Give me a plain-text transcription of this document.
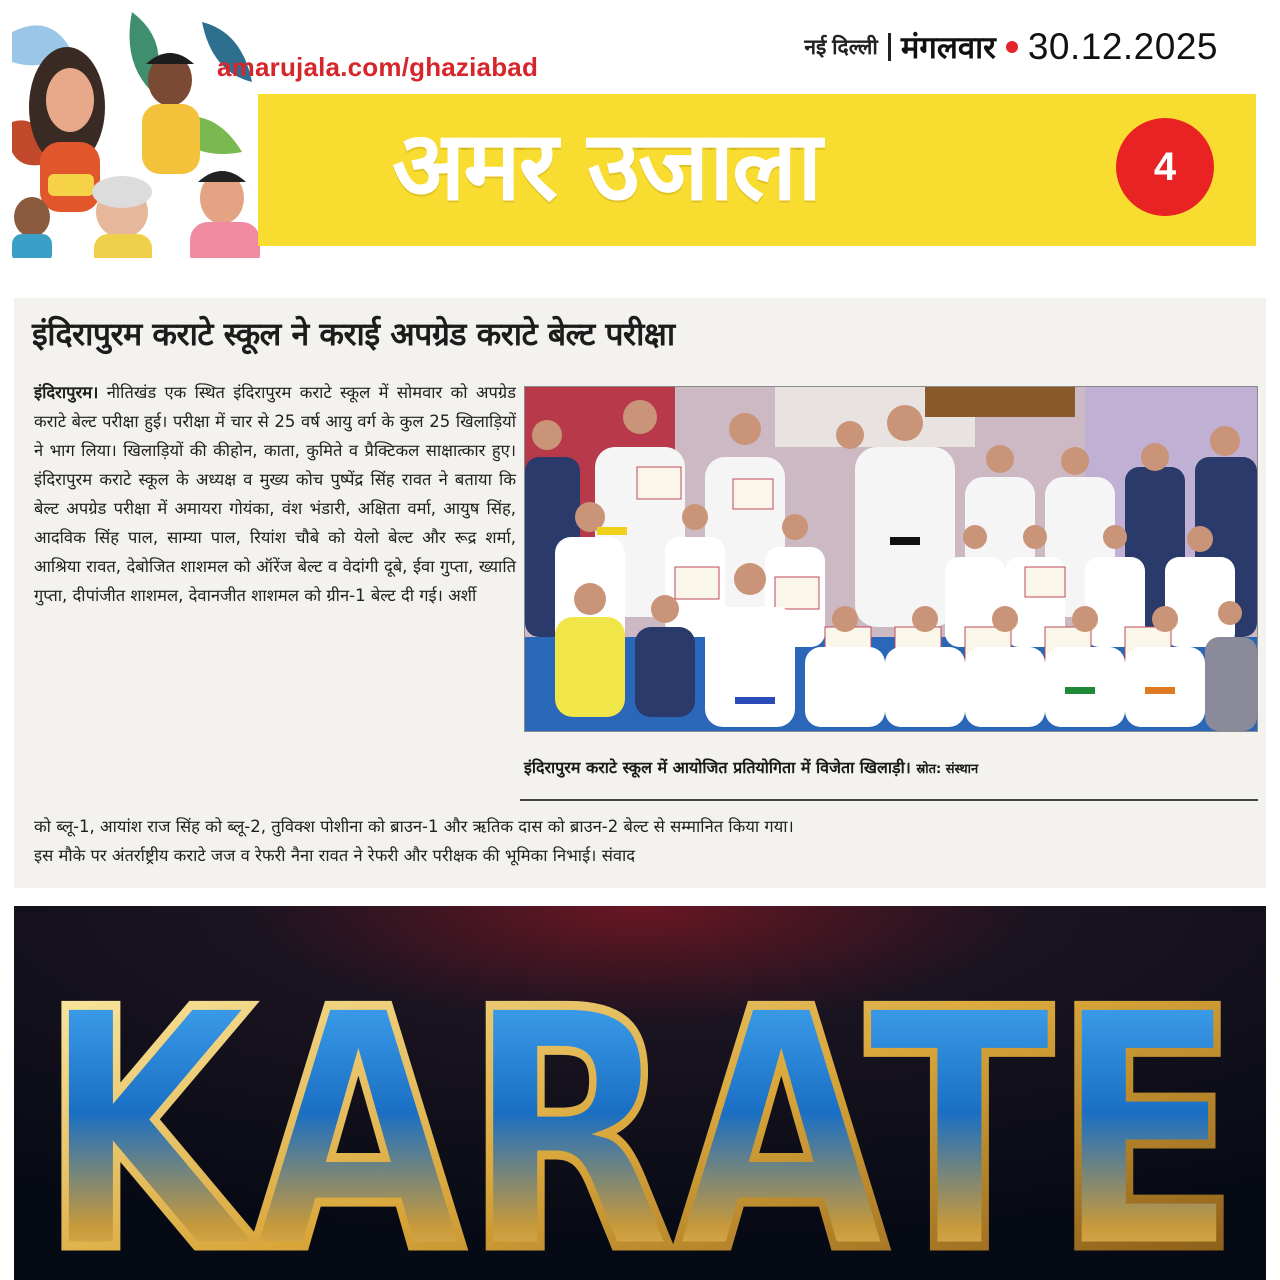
amarujala.com/ghaziabad
नई दिल्ली मंगलवार 30.12.2025
अमर उजाला	4
इंदिरापुरम कराटे स्कूल ने कराई अपग्रेड कराटे बेल्ट परीक्षा
इंदिरापुरम। नीतिखंड एक स्थित इंदिरापुरम कराटे स्कूल में सोमवार को अपग्रेड कराटे बेल्ट परीक्षा हुई। परीक्षा में चार से 25 वर्ष आयु वर्ग के कुल 25 खिलाड़ियों ने भाग लिया। खिलाड़ियों की कीहोन, काता, कुमिते व प्रैक्टिकल साक्षात्कार हुए। इंदिरापुरम कराटे स्कूल के अध्यक्ष व मुख्य कोच पुष्पेंद्र सिंह रावत ने बताया कि बेल्ट अपग्रेड परीक्षा में अमायरा गोयंका, वंश भंडारी, अक्षिता वर्मा, आयुष सिंह, आदविक सिंह पाल, साम्या पाल, रियांश चौबे को येलो बेल्ट और रूद्र शर्मा, आश्रिया रावत, देबोजित शाशमल को ऑरेंज बेल्ट व वेदांगी दूबे, ईवा गुप्ता, ख्याति गुप्ता, दीपांजीत शाशमल, देवानजीत शाशमल को ग्रीन-1 बेल्ट दी गई। अर्शी
इंदिरापुरम कराटे स्कूल में आयोजित प्रतियोगिता में विजेता खिलाड़ी। स्रोत: संस्थान
को ब्लू-1, आयांश राज सिंह को ब्लू-2, तुविक्श पोशीना को ब्राउन-1 और ऋतिक दास को ब्राउन-2 बेल्ट से सम्मानित किया गया।
इस मौके पर अंतर्राष्ट्रीय कराटे जज व रेफरी नैना रावत ने रेफरी और परीक्षक की भूमिका निभाई। संवाद
KARATE
